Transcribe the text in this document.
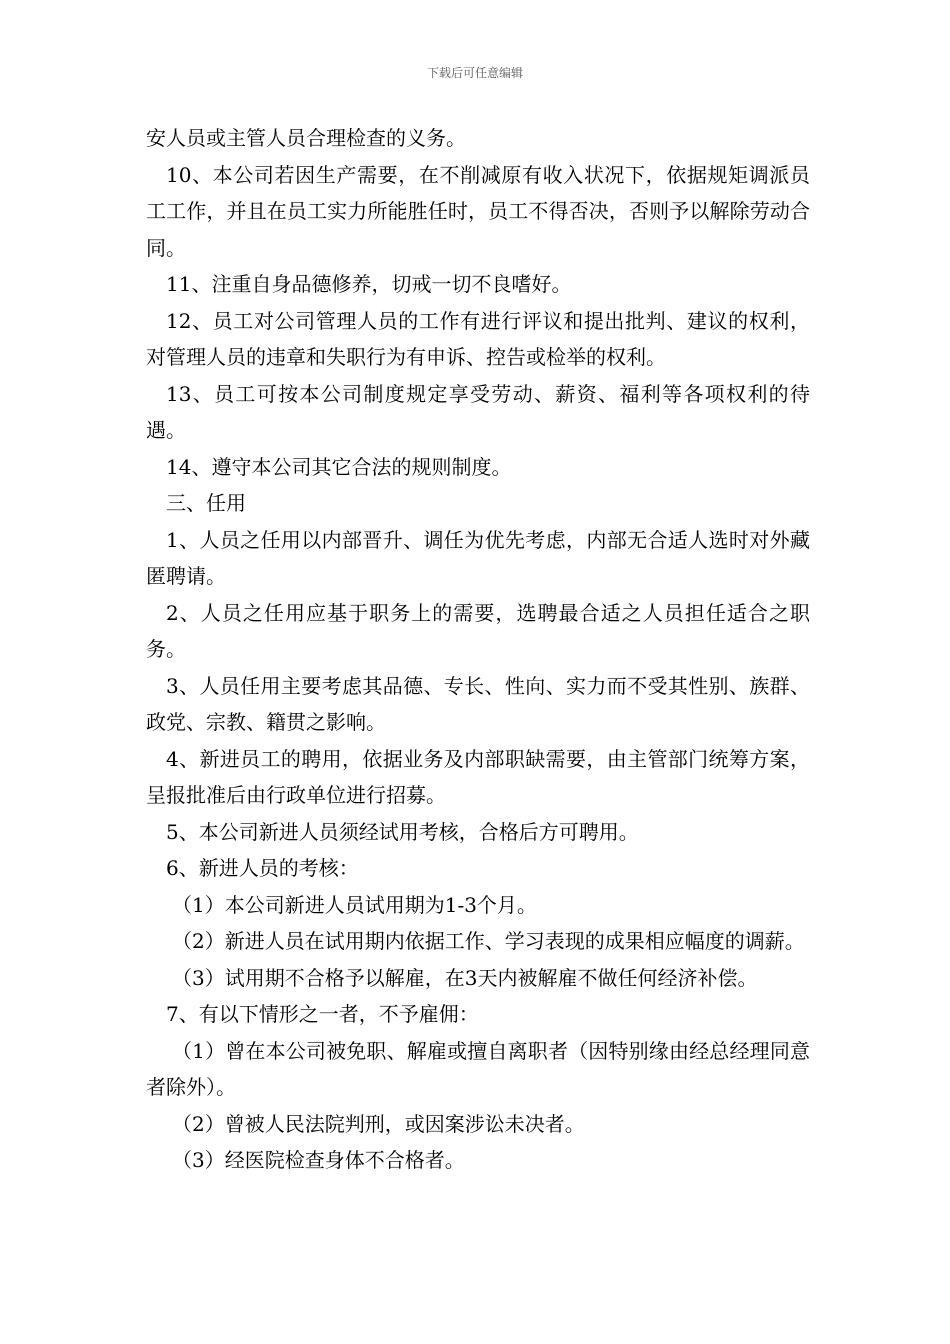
下载后可任意编辑

安人员或主管人员合理检查的义务。

10、本公司若因生产需要，在不削减原有收入状况下，依据规矩调派员工工作，并且在员工实力所能胜任时，员工不得否决，否则予以解除劳动合同。

11、注重自身品德修养，切戒一切不良嗜好。

12、员工对公司管理人员的工作有进行评议和提出批判、建议的权利，对管理人员的违章和失职行为有申诉、控告或检举的权利。

13、员工可按本公司制度规定享受劳动、薪资、福利等各项权利的待遇。

14、遵守本公司其它合法的规则制度。

三、任用

1、人员之任用以内部晋升、调任为优先考虑，内部无合适人选时对外藏匿聘请。

2、人员之任用应基于职务上的需要，选聘最合适之人员担任适合之职务。

3、人员任用主要考虑其品德、专长、性向、实力而不受其性别、族群、政党、宗教、籍贯之影响。

4、新进员工的聘用，依据业务及内部职缺需要，由主管部门统筹方案，呈报批准后由行政单位进行招募。

5、本公司新进人员须经试用考核，合格后方可聘用。

6、新进人员的考核：

（1）本公司新进人员试用期为1-3个月。

（2）新进人员在试用期内依据工作、学习表现的成果相应幅度的调薪。

（3）试用期不合格予以解雇，在3天内被解雇不做任何经济补偿。

7、有以下情形之一者，不予雇佣：

（1）曾在本公司被免职、解雇或擅自离职者（因特别缘由经总经理同意者除外）。

（2）曾被人民法院判刑，或因案涉讼未决者。

（3）经医院检查身体不合格者。
